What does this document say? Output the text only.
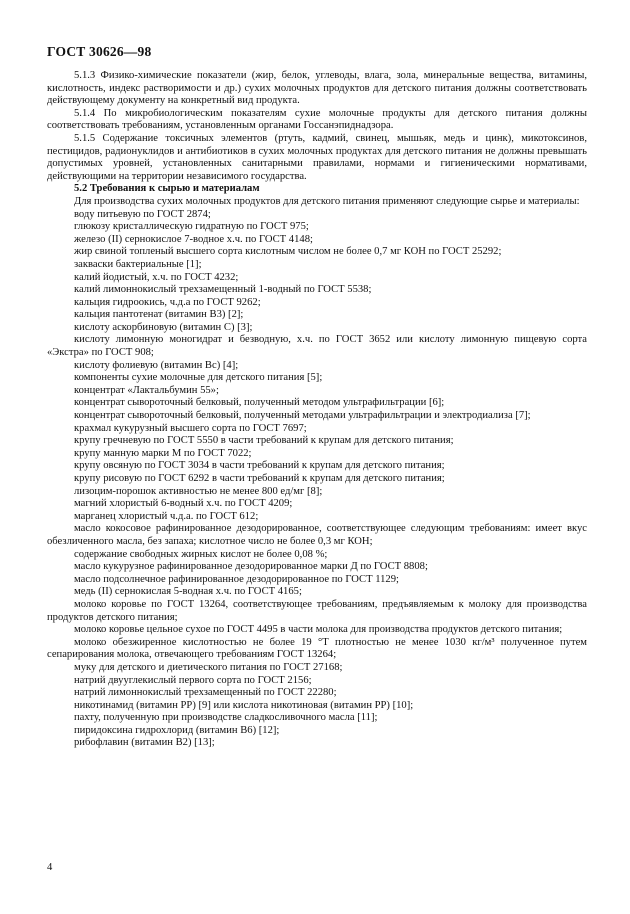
ГОСТ 30626—98

5.1.3 Физико-химические показатели (жир, белок, углеводы, влага, зола, минеральные вещества, витамины, кислотность, индекс растворимости и др.) сухих молочных продуктов для детского питания должны соответствовать действующему документу на конкретный вид продукта.

5.1.4 По микробиологическим показателям сухие молочные продукты для детского питания должны соответствовать требованиям, установленным органами Госсанэпиднадзора.

5.1.5 Содержание токсичных элементов (ртуть, кадмий, свинец, мышьяк, медь и цинк), микотоксинов, пестицидов, радионуклидов и антибиотиков в сухих молочных продуктах для детского питания не должны превышать допустимых уровней, установленных санитарными правилами, нормами и гигиеническими нормативами, действующими на территории независимого государства.

5.2 Требования к сырью и материалам

Для производства сухих молочных продуктов для детского питания применяют следующие сырье и материалы:

воду питьевую по ГОСТ 2874;

глюкозу кристаллическую гидратную по ГОСТ 975;

железо (II) сернокислое 7-водное х.ч. по ГОСТ 4148;

жир свиной топленый высшего сорта кислотным числом не более 0,7 мг КОН по ГОСТ 25292;

закваски бактериальные [1];

калий йодистый, х.ч. по ГОСТ 4232;

калий лимоннокислый трехзамещенный 1-водный по ГОСТ 5538;

кальция гидроокись, ч.д.а по ГОСТ 9262;

кальция пантотенат (витамин В3) [2];

кислоту аскорбиновую (витамин С) [3];

кислоту лимонную моногидрат и безводную, х.ч. по ГОСТ 3652 или кислоту лимонную пищевую сорта «Экстра» по ГОСТ 908;

кислоту фолиевую (витамин Вc) [4];

компоненты сухие молочные для детского питания [5];

концентрат «Лактальбумин 55»;

концентрат сывороточный белковый, полученный методом ультрафильтрации [6];

концентрат сывороточный белковый, полученный методами ультрафильтрации и электродиализа [7];

крахмал кукурузный высшего сорта по ГОСТ 7697;

крупу гречневую по ГОСТ 5550 в части требований к крупам для детского питания;

крупу манную марки М по ГОСТ 7022;

крупу овсяную по ГОСТ 3034 в части требований к крупам для детского питания;

крупу рисовую по ГОСТ 6292 в части требований к крупам для детского питания;

лизоцим-порошок активностью не менее 800 ед/мг [8];

магний хлористый 6-водный х.ч. по ГОСТ 4209;

марганец хлористый ч.д.а. по ГОСТ 612;

масло кокосовое рафинированное дезодорированное, соответствующее следующим требованиям: имеет вкус обезличенного масла, без запаха; кислотное число не более 0,3 мг КОН;

содержание свободных жирных кислот не более 0,08 %;

масло кукурузное рафинированное дезодорированное марки Д по ГОСТ 8808;

масло подсолнечное рафинированное дезодорированное по ГОСТ 1129;

медь (II) сернокислая 5-водная х.ч. по ГОСТ 4165;

молоко коровье по ГОСТ 13264, соответствующее требованиям, предъявляемым к молоку для производства продуктов детского питания;

молоко коровье цельное сухое по ГОСТ 4495 в части молока для производства продуктов детского питания;

молоко обезжиренное кислотностью не более 19 °Т плотностью не менее 1030 кг/м³ полученное путем сепарирования молока, отвечающего требованиям ГОСТ 13264;

муку для детского и диетического питания по ГОСТ 27168;

натрий двууглекислый первого сорта по ГОСТ 2156;

натрий лимоннокислый трехзамещенный по ГОСТ 22280;

никотинамид (витамин РР) [9] или кислота никотиновая (витамин РР) [10];

пахту, полученную при производстве сладкосливочного масла [11];

пиридоксина гидрохлорид (витамин В6) [12];

рибофлавин (витамин В2) [13];

4
